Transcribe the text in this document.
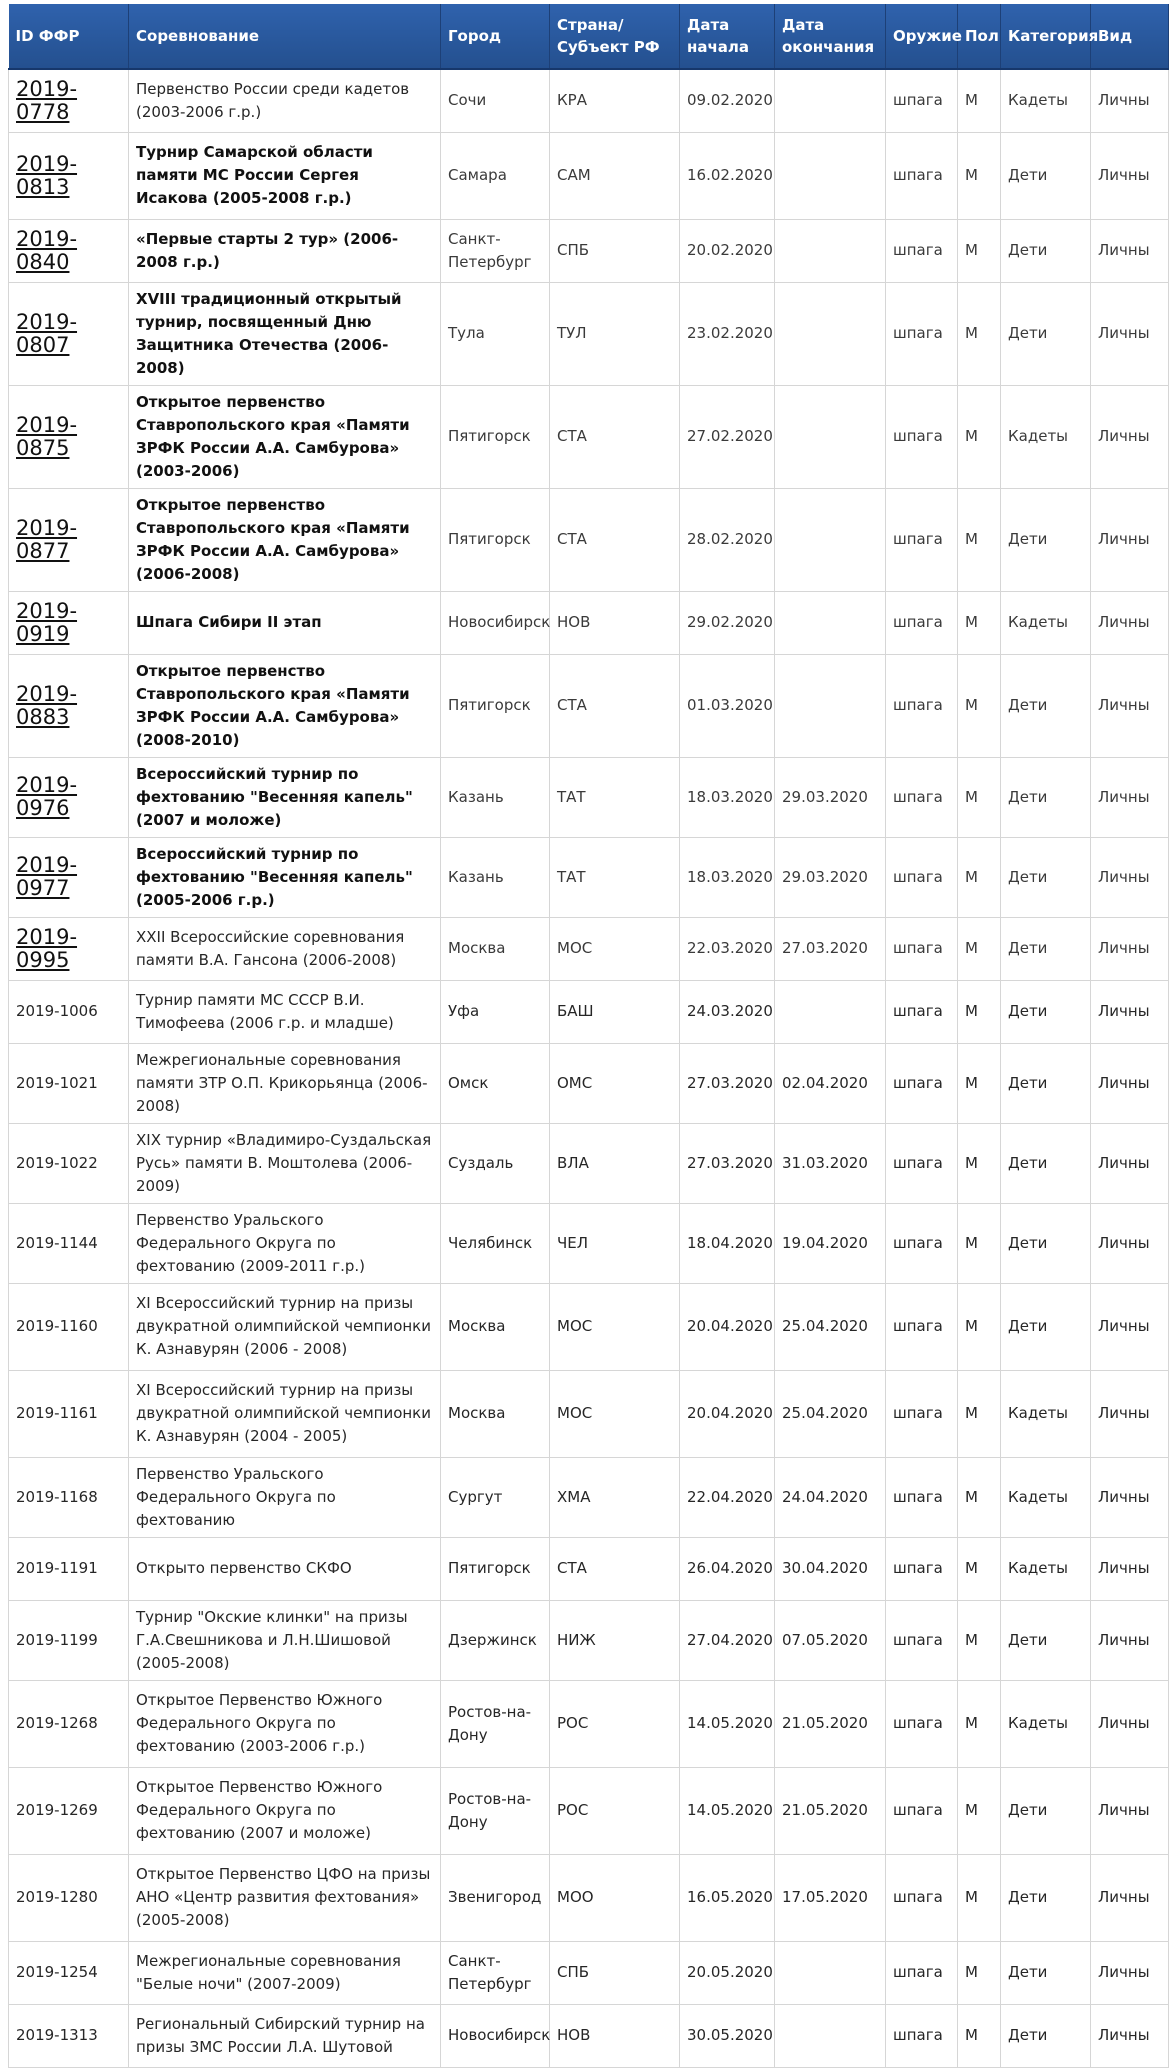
ID ФФР	Соревнование	Город	Страна/ Субъект РФ	Дата начала	Дата окончания	Оружие	Пол	Категория	Вид
2019-0778	Первенство России среди кадетов (2003-2006 г.р.)	Сочи	КРА	09.02.2020		шпага	М	Кадеты	Личны
2019-0813	Турнир Самарской области памяти МС России Сергея Исакова (2005-2008 г.р.)	Самара	САМ	16.02.2020		шпага	М	Дети	Личны
2019-0840	«Первые старты 2 тур» (2006-2008 г.р.)	Санкт-Петербург	СПБ	20.02.2020		шпага	М	Дети	Личны
2019-0807	XVIII традиционный открытый турнир, посвященный Дню Защитника Отечества (2006-2008)	Тула	ТУЛ	23.02.2020		шпага	М	Дети	Личны
2019-0875	Открытое первенство Ставропольского края «Памяти ЗРФК России А.А. Самбурова» (2003-2006)	Пятигорск	СТА	27.02.2020		шпага	М	Кадеты	Личны
2019-0877	Открытое первенство Ставропольского края «Памяти ЗРФК России А.А. Самбурова» (2006-2008)	Пятигорск	СТА	28.02.2020		шпага	М	Дети	Личны
2019-0919	Шпага Сибири II этап	Новосибирск	НОВ	29.02.2020		шпага	М	Кадеты	Личны
2019-0883	Открытое первенство Ставропольского края «Памяти ЗРФК России А.А. Самбурова» (2008-2010)	Пятигорск	СТА	01.03.2020		шпага	М	Дети	Личны
2019-0976	Всероссийский турнир по фехтованию "Весенняя капель" (2007 и моложе)	Казань	ТАТ	18.03.2020	29.03.2020	шпага	М	Дети	Личны
2019-0977	Всероссийский турнир по фехтованию "Весенняя капель" (2005-2006 г.р.)	Казань	ТАТ	18.03.2020	29.03.2020	шпага	М	Дети	Личны
2019-0995	XXII Всероссийские соревнования памяти В.А. Гансона (2006-2008)	Москва	МОС	22.03.2020	27.03.2020	шпага	М	Дети	Личны
2019-1006	Турнир памяти МС СССР В.И. Тимофеева (2006 г.р. и младше)	Уфа	БАШ	24.03.2020		шпага	М	Дети	Личны
2019-1021	Межрегиональные соревнования памяти ЗТР О.П. Крикорьянца (2006-2008)	Омск	ОМС	27.03.2020	02.04.2020	шпага	М	Дети	Личны
2019-1022	XIX турнир «Владимиро-Суздальская Русь» памяти В. Моштолева (2006-2009)	Суздаль	ВЛА	27.03.2020	31.03.2020	шпага	М	Дети	Личны
2019-1144	Первенство Уральского Федерального Округа по фехтованию (2009-2011 г.р.)	Челябинск	ЧЕЛ	18.04.2020	19.04.2020	шпага	М	Дети	Личны
2019-1160	XI Всероссийский турнир на призы двукратной олимпийской чемпионки К. Азнавурян (2006 - 2008)	Москва	МОС	20.04.2020	25.04.2020	шпага	М	Дети	Личны
2019-1161	XI Всероссийский турнир на призы двукратной олимпийской чемпионки К. Азнавурян (2004 - 2005)	Москва	МОС	20.04.2020	25.04.2020	шпага	М	Кадеты	Личны
2019-1168	Первенство Уральского Федерального Округа по фехтованию	Сургут	ХМА	22.04.2020	24.04.2020	шпага	М	Кадеты	Личны
2019-1191	Открыто первенство СКФО	Пятигорск	СТА	26.04.2020	30.04.2020	шпага	М	Кадеты	Личны
2019-1199	Турнир "Окские клинки" на призы Г.А.Свешникова и Л.Н.Шишовой (2005-2008)	Дзержинск	НИЖ	27.04.2020	07.05.2020	шпага	М	Дети	Личны
2019-1268	Открытое Первенство Южного Федерального Округа по фехтованию (2003-2006 г.р.)	Ростов-на-Дону	РОС	14.05.2020	21.05.2020	шпага	М	Кадеты	Личны
2019-1269	Открытое Первенство Южного Федерального Округа по фехтованию (2007 и моложе)	Ростов-на-Дону	РОС	14.05.2020	21.05.2020	шпага	М	Дети	Личны
2019-1280	Открытое Первенство ЦФО на призы АНО «Центр развития фехтования» (2005-2008)	Звенигород	МОО	16.05.2020	17.05.2020	шпага	М	Дети	Личны
2019-1254	Межрегиональные соревнования "Белые ночи" (2007-2009)	Санкт-Петербург	СПБ	20.05.2020		шпага	М	Дети	Личны
2019-1313	Региональный Сибирский турнир на призы ЗМС России Л.А. Шутовой	Новосибирск	НОВ	30.05.2020		шпага	М	Дети	Личны
